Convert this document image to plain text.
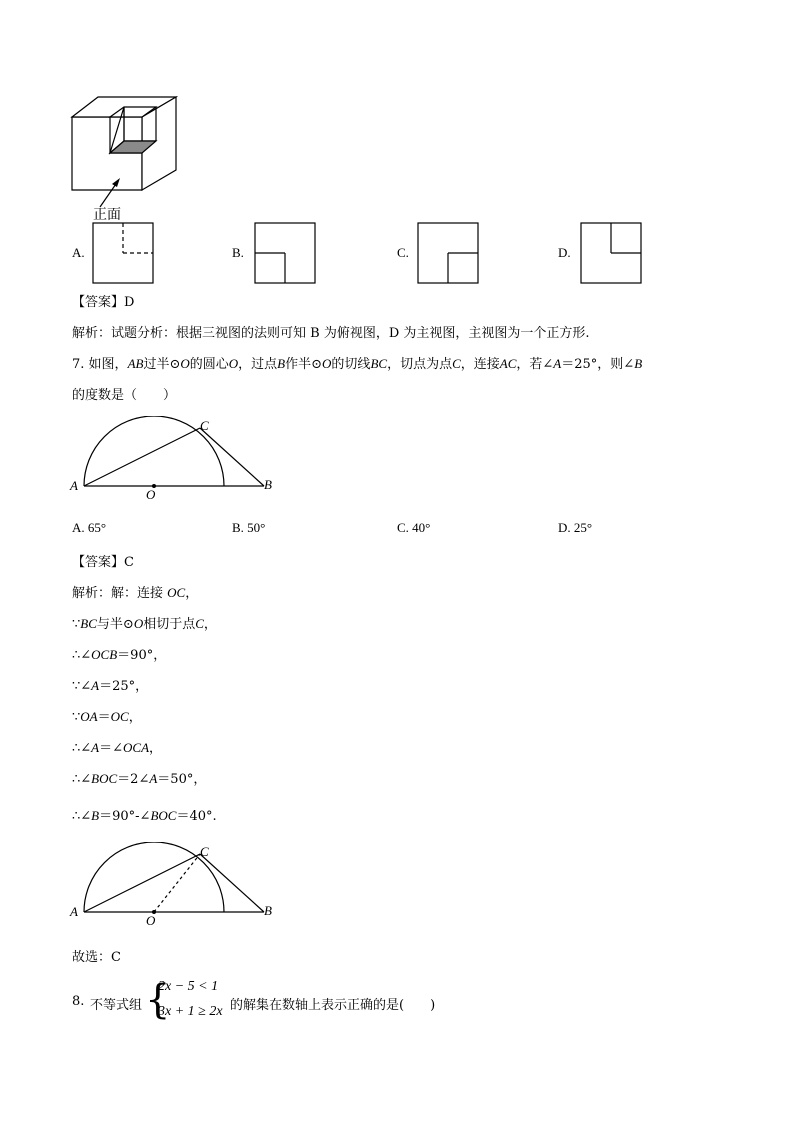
正面
A.	B.	C.	D.
【答案】D
解析：试题分析：根据三视图的法则可知 B 为俯视图，D 为主视图，主视图为一个正方形.
7. 如图，AB过半⊙O的圆心O，过点B作半⊙O的切线BC，切点为点C，连接AC，若∠A＝25°，则∠B
的度数是（　　）
A	B
C
O
A. 65°	B. 50°	C. 40°	D. 25°
【答案】C
解析：解：连接 OC，
∵BC与半⊙O相切于点C，
∴∠OCB＝90°，
∵∠A＝25°，
∵OA＝OC，
∴∠A＝∠OCA，
∴∠BOC＝2∠A＝50°，
∴∠B＝90°-∠BOC＝40°.
A	B
C
O
故选：C
8. 不等式组 {
2x − 5 < 1
3x + 1 ≥ 2x 的解集在数轴上表示正确的是(　　)
